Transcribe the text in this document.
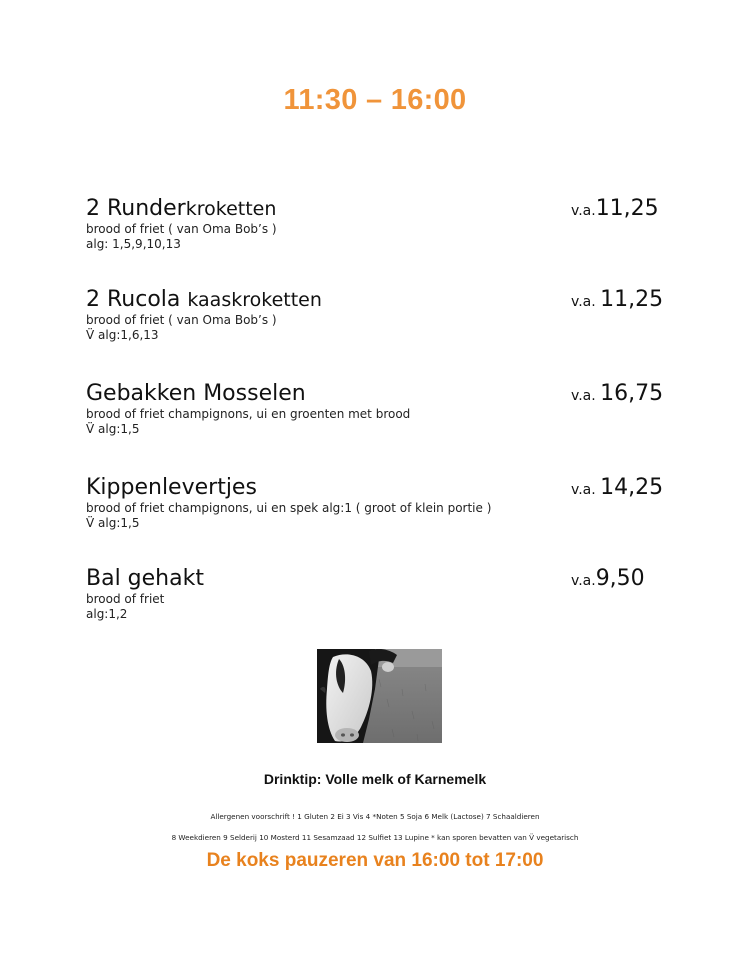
11:30 – 16:00
2 Runderkroketten
brood of friet ( van Oma Bob’s )
alg: 1,5,9,10,13
v.a.11,25
2 Rucola kaaskroketten
brood of friet ( van Oma Bob’s )
V̈ alg:1,6,13
v.a. 11,25
Gebakken Mosselen
brood of friet champignons, ui en groenten met brood
V̈ alg:1,5
v.a. 16,75
Kippenlevertjes
brood of friet champignons, ui en spek alg:1 ( groot of klein portie )
V̈ alg:1,5
v.a. 14,25
Bal gehakt
brood of friet
alg:1,2
v.a.9,50
Drinktip: Volle melk of Karnemelk
Allergenen voorschrift ! 1 Gluten 2 Ei 3 Vis 4 *Noten 5 Soja 6 Melk (Lactose) 7 Schaaldieren
8 Weekdieren 9 Selderij 10 Mosterd 11 Sesamzaad 12 Sulfiet 13 Lupine * kan sporen bevatten van V̈ vegetarisch
De koks pauzeren van 16:00 tot 17:00
